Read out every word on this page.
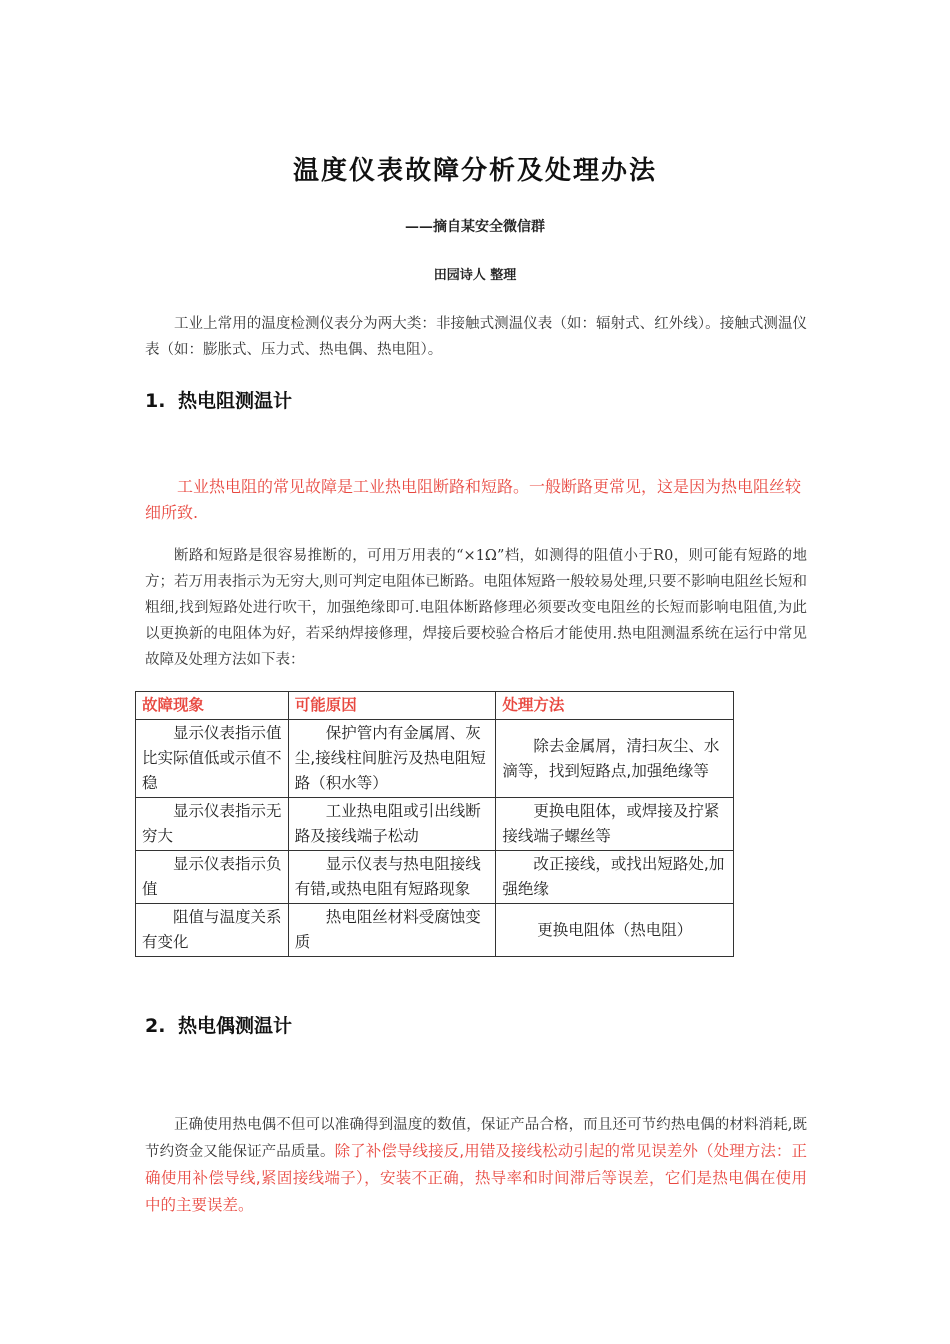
温度仪表故障分析及处理办法
——摘自某安全微信群
田园诗人 整理
工业上常用的温度检测仪表分为两大类：非接触式测温仪表（如：辐射式、红外线）。接触式测温仪表（如：膨胀式、压力式、热电偶、热电阻）。
1. 热电阻测温计
工业热电阻的常见故障是工业热电阻断路和短路。一般断路更常见，这是因为热电阻丝较细所致.
断路和短路是很容易推断的，可用万用表的“×1Ω”档，如测得的阻值小于R0，则可能有短路的地方；若万用表指示为无穷大,则可判定电阻体已断路。电阻体短路一般较易处理,只要不影响电阻丝长短和粗细,找到短路处进行吹干，加强绝缘即可.电阻体断路修理必须要改变电阻丝的长短而影响电阻值,为此以更换新的电阻体为好，若采纳焊接修理，焊接后要校验合格后才能使用.热电阻测温系统在运行中常见故障及处理方法如下表：
故障现象	可能原因	处理方法
显示仪表指示值比实际值低或示值不稳	保护管内有金属屑、灰尘,接线柱间脏污及热电阻短路（积水等）	除去金属屑，清扫灰尘、水滴等，找到短路点,加强绝缘等
显示仪表指示无穷大	工业热电阻或引出线断路及接线端子松动	更换电阻体，或焊接及拧紧接线端子螺丝等
显示仪表指示负值	显示仪表与热电阻接线有错,或热电阻有短路现象	改正接线，或找出短路处,加强绝缘
阻值与温度关系有变化	热电阻丝材料受腐蚀变质	更换电阻体（热电阻）
2. 热电偶测温计
正确使用热电偶不但可以准确得到温度的数值，保证产品合格，而且还可节约热电偶的材料消耗,既节约资金又能保证产品质量。除了补偿导线接反,用错及接线松动引起的常见误差外（处理方法：正确使用补偿导线,紧固接线端子），安装不正确，热导率和时间滞后等误差，它们是热电偶在使用中的主要误差。
